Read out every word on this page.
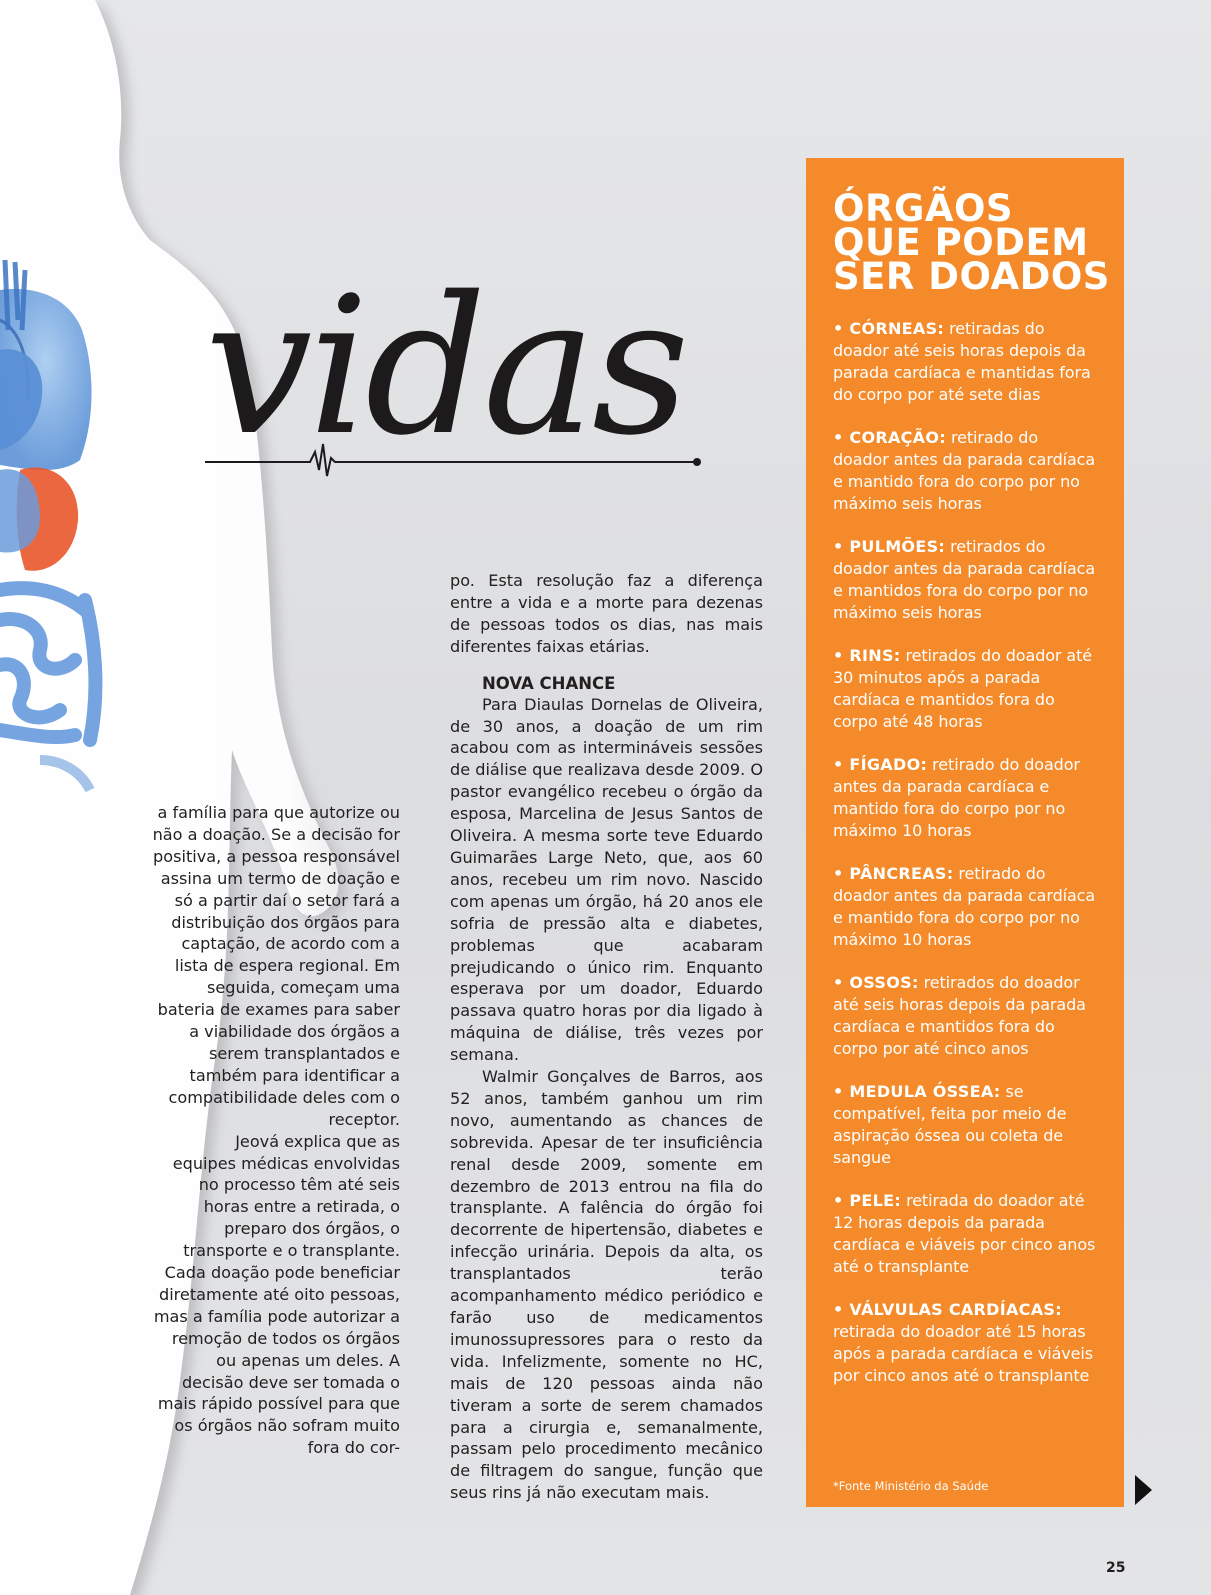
vidas

a família para que autorize ou não a doação. Se a decisão for positiva, a pessoa responsável assina um termo de doação e só a partir daí o setor fará a distribuição dos órgãos para captação, de acordo com a lista de espera regional. Em seguida, começam uma bateria de exames para saber a viabilidade dos órgãos a serem transplantados e também para identificar a compatibilidade deles com o receptor.

Jeová explica que as equipes médicas envolvidas no processo têm até seis horas entre a retirada, o preparo dos órgãos, o transporte e o transplante. Cada doação pode beneficiar diretamente até oito pessoas, mas a família pode autorizar a remoção de todos os órgãos ou apenas um deles. A decisão deve ser tomada o mais rápido possível para que os órgãos não sofram muito fora do cor-

po. Esta resolução faz a diferença entre a vida e a morte para dezenas de pessoas todos os dias, nas mais diferentes faixas etárias.

NOVA CHANCE

Para Diaulas Dornelas de Oliveira, de 30 anos, a doação de um rim acabou com as intermináveis sessões de diálise que realizava desde 2009. O pastor evangélico recebeu o órgão da esposa, Marcelina de Jesus Santos de Oliveira. A mesma sorte teve Eduardo Guimarães Large Neto, que, aos 60 anos, recebeu um rim novo. Nascido com apenas um órgão, há 20 anos ele sofria de pressão alta e diabetes, problemas que acabaram prejudicando o único rim. Enquanto esperava por um doador, Eduardo passava quatro horas por dia ligado à máquina de diálise, três vezes por semana.

Walmir Gonçalves de Barros, aos 52 anos, também ganhou um rim novo, aumentando as chances de sobrevida. Apesar de ter insuficiência renal desde 2009, somente em dezembro de 2013 entrou na fila do transplante. A falência do órgão foi decorrente de hipertensão, diabetes e infecção urinária. Depois da alta, os transplantados terão acompanhamento médico periódico e farão uso de medicamentos imunossupressores para o resto da vida. Infelizmente, somente no HC, mais de 120 pessoas ainda não tiveram a sorte de serem chamados para a cirurgia e, semanalmente, passam pelo procedimento mecânico de filtragem do sangue, função que seus rins já não executam mais.

ÓRGÃOS
QUE PODEM
SER DOADOS
• CÓRNEAS: retiradas do doador até seis horas depois da parada cardíaca e mantidas fora do corpo por até sete dias
• CORAÇÃO: retirado do doador antes da parada cardíaca e mantido fora do corpo por no máximo seis horas
• PULMÕES: retirados do doador antes da parada cardíaca e mantidos fora do corpo por no máximo seis horas
• RINS: retirados do doador até 30 minutos após a parada cardíaca e mantidos fora do corpo até 48 horas
• FÍGADO: retirado do doador antes da parada cardíaca e mantido fora do corpo por no máximo 10 horas
• PÂNCREAS: retirado do doador antes da parada cardíaca e mantido fora do corpo por no máximo 10 horas
• OSSOS: retirados do doador até seis horas depois da parada cardíaca e mantidos fora do corpo por até cinco anos
• MEDULA ÓSSEA: se compatível, feita por meio de aspiração óssea ou coleta de sangue
• PELE: retirada do doador até 12 horas depois da parada cardíaca e viáveis por cinco anos até o transplante
• VÁLVULAS CARDÍACAS: retirada do doador até 15 horas após a parada cardíaca e viáveis por cinco anos até o transplante
*Fonte Ministério da Saúde
25
